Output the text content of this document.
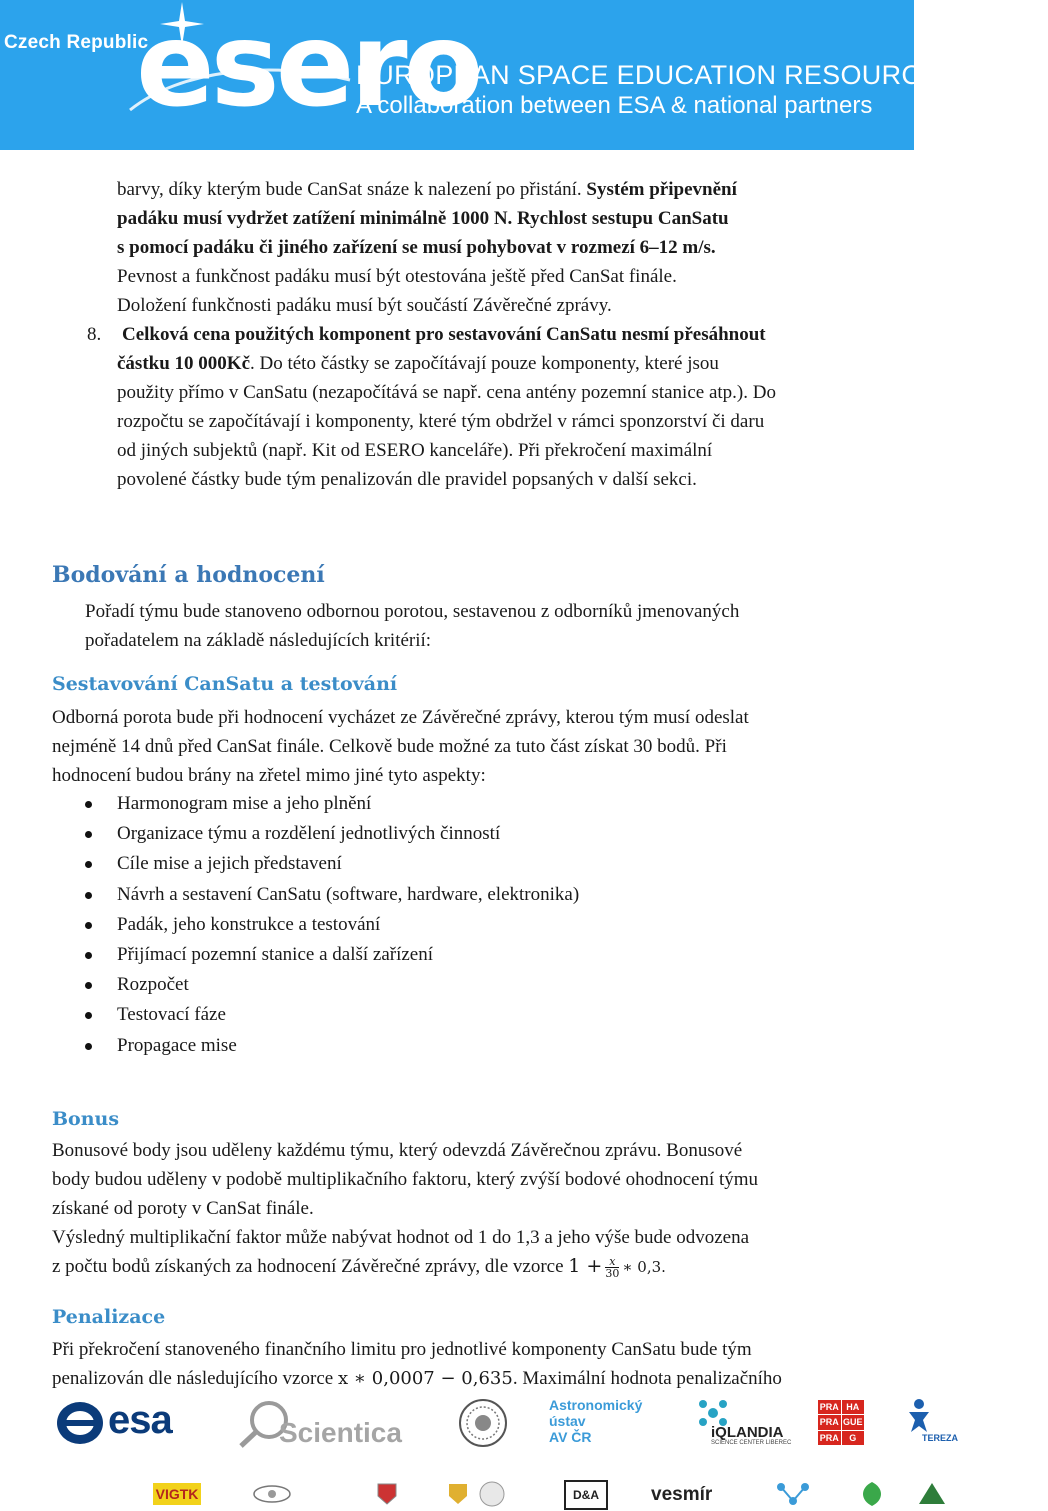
Czech Republic
esero
EUROPEAN SPACE EDUCATION RESOURCE OFFICE
A collaboration between ESA & national partners

barvy, díky kterým bude CanSat snáze k nalezení po přistání. Systém připevnění

padáku musí vydržet zatížení minimálně 1000 N. Rychlost sestupu CanSatu

s pomocí padáku či jiného zařízení se musí pohybovat v rozmezí 6–12 m/s.

Pevnost a funkčnost padáku musí být otestována ještě před CanSat finále.

Doložení funkčnosti padáku musí být součástí Závěrečné zprávy.

8. Celková cena použitých komponent pro sestavování CanSatu nesmí přesáhnout

částku 10 000Kč. Do této částky se započítávají pouze komponenty, které jsou

použity přímo v CanSatu (nezapočítává se např. cena antény pozemní stanice atp.). Do

rozpočtu se započítávají i komponenty, které tým obdržel v rámci sponzorství či daru

od jiných subjektů (např. Kit od ESERO kanceláře). Při překročení maximální

povolené částky bude tým penalizován dle pravidel popsaných v další sekci.

Bodování a hodnocení

Pořadí týmu bude stanoveno odbornou porotou, sestavenou z odborníků jmenovaných

pořadatelem na základě následujících kritérií:

Sestavování CanSatu a testování

Odborná porota bude při hodnocení vycházet ze Závěrečné zprávy, kterou tým musí odeslat

nejméně 14 dnů před CanSat finále. Celkově bude možné za tuto část získat 30 bodů. Při

hodnocení budou brány na zřetel mimo jiné tyto aspekty:

Harmonogram mise a jeho plnění
Organizace týmu a rozdělení jednotlivých činností
Cíle mise a jejich představení
Návrh a sestavení CanSatu (software, hardware, elektronika)
Padák, jeho konstrukce a testování
Přijímací pozemní stanice a další zařízení
Rozpočet
Testovací fáze
Propagace mise
Bonus

Bonusové body jsou uděleny každému týmu, který odevzdá Závěrečnou zprávu. Bonusové

body budou uděleny v podobě multiplikačního faktoru, který zvýší bodové ohodnocení týmu

získané od poroty v CanSat finále.

Výsledný multiplikační faktor může nabývat hodnot od 1 do 1,3 a jeho výše bude odvozena

z počtu bodů získaných za hodnocení Závěrečné zprávy, dle vzorce $1 + \frac{x}{30}$ ∗ 0,3.

Penalizace

Při překročení stanoveného finančního limitu pro jednotlivé komponenty CanSatu bude tým

penalizován dle následujícího vzorce x ∗ 0,0007 − 0,635. Maximální hodnota penalizačního

esa	Scientica
Astronomický
ústav
AV ČR	iQLANDIA
SCIENCE CENTER LIBEREC
PRA HA
PRA GUE
PRA	G	TEREZA
VIGTK	D&A	vesmír
